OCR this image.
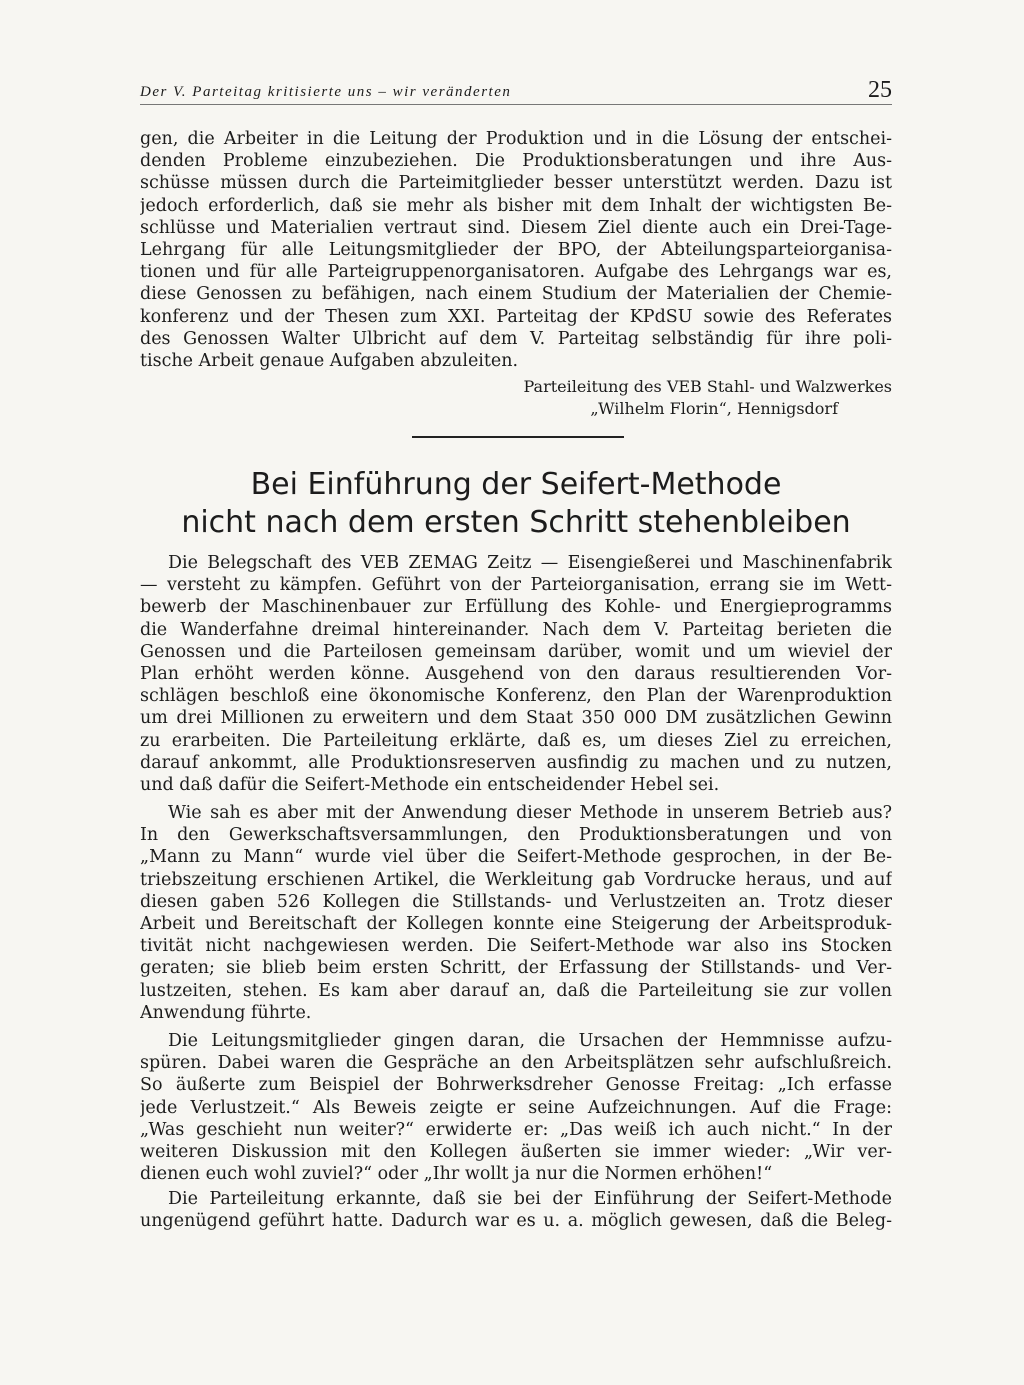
Der V. Parteitag kritisierte uns – wir veränderten	25
gen, die Arbeiter in die Leitung der Produktion und in die Lösung der entschei-
denden Probleme einzubeziehen. Die Produktionsberatungen und ihre Aus-
schüsse müssen durch die Parteimitglieder besser unterstützt werden. Dazu ist
jedoch erforderlich, daß sie mehr als bisher mit dem Inhalt der wichtigsten Be-
schlüsse und Materialien vertraut sind. Diesem Ziel diente auch ein Drei-Tage-
Lehrgang für alle Leitungsmitglieder der BPO, der Abteilungsparteiorganisa-
tionen und für alle Parteigruppenorganisatoren. Aufgabe des Lehrgangs war es,
diese Genossen zu befähigen, nach einem Studium der Materialien der Chemie-
konferenz und der Thesen zum XXI. Parteitag der KPdSU sowie des Referates
des Genossen Walter Ulbricht auf dem V. Parteitag selbständig für ihre poli-
tische Arbeit genaue Aufgaben abzuleiten.
Parteileitung des VEB Stahl- und Walzwerkes
„Wilhelm Florin“, Hennigsdorf
Bei Einführung der Seifert-Methode
nicht nach dem ersten Schritt stehenbleiben
Die Belegschaft des VEB ZEMAG Zeitz — Eisengießerei und Maschinenfabrik
— versteht zu kämpfen. Geführt von der Parteiorganisation, errang sie im Wett-
bewerb der Maschinenbauer zur Erfüllung des Kohle- und Energieprogramms
die Wanderfahne dreimal hintereinander. Nach dem V. Parteitag berieten die
Genossen und die Parteilosen gemeinsam darüber, womit und um wieviel der
Plan erhöht werden könne. Ausgehend von den daraus resultierenden Vor-
schlägen beschloß eine ökonomische Konferenz, den Plan der Warenproduktion
um drei Millionen zu erweitern und dem Staat 350 000 DM zusätzlichen Gewinn
zu erarbeiten. Die Parteileitung erklärte, daß es, um dieses Ziel zu erreichen,
darauf ankommt, alle Produktionsreserven ausfindig zu machen und zu nutzen,
und daß dafür die Seifert-Methode ein entscheidender Hebel sei.
Wie sah es aber mit der Anwendung dieser Methode in unserem Betrieb aus?
In den Gewerkschaftsversammlungen, den Produktionsberatungen und von
„Mann zu Mann“ wurde viel über die Seifert-Methode gesprochen, in der Be-
triebszeitung erschienen Artikel, die Werkleitung gab Vordrucke heraus, und auf
diesen gaben 526 Kollegen die Stillstands- und Verlustzeiten an. Trotz dieser
Arbeit und Bereitschaft der Kollegen konnte eine Steigerung der Arbeitsproduk-
tivität nicht nachgewiesen werden. Die Seifert-Methode war also ins Stocken
geraten; sie blieb beim ersten Schritt, der Erfassung der Stillstands- und Ver-
lustzeiten, stehen. Es kam aber darauf an, daß die Parteileitung sie zur vollen
Anwendung führte.
Die Leitungsmitglieder gingen daran, die Ursachen der Hemmnisse aufzu-
spüren. Dabei waren die Gespräche an den Arbeitsplätzen sehr aufschlußreich.
So äußerte zum Beispiel der Bohrwerksdreher Genosse Freitag: „Ich erfasse
jede Verlustzeit.“ Als Beweis zeigte er seine Aufzeichnungen. Auf die Frage:
„Was geschieht nun weiter?“ erwiderte er: „Das weiß ich auch nicht.“ In der
weiteren Diskussion mit den Kollegen äußerten sie immer wieder: „Wir ver-
dienen euch wohl zuviel?“ oder „Ihr wollt ja nur die Normen erhöhen!“
Die Parteileitung erkannte, daß sie bei der Einführung der Seifert-Methode
ungenügend geführt hatte. Dadurch war es u. a. möglich gewesen, daß die Beleg-
